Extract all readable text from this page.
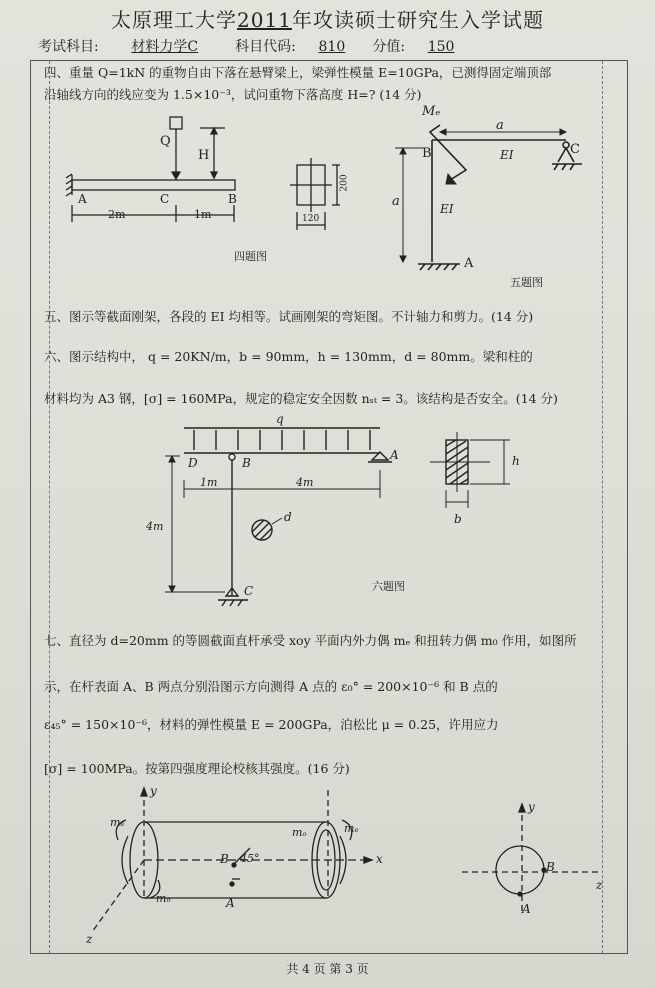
太原理工大学2011年攻读硕士研究生入学试题
考试科目: 材料力学C	科目代码: 810 分值: 150
四、重量 Q=1kN 的重物自由下落在悬臂梁上，梁弹性模量 E=10GPa，已测得固定端顶部
沿轴线方向的线应变为 1.5×10⁻³，试问重物下落高度 H=? (14 分)
Q
H
A	C	B
2m	1m
200
120
四题图
Mₑ
a
B	C
EI
EI
a
A
五题图
五、图示等截面刚架，各段的 EI 均相等。试画刚架的弯矩图。不计轴力和剪力。(14 分)
六、图示结构中， q = 20KN/m，b = 90mm，h = 130mm，d = 80mm。梁和柱的
材料均为 A3 钢，[σ] = 160MPa，规定的稳定安全因数 nₛₜ = 3。该结构是否安全。(14 分)
q
D	B
A
1m	4m
4m
d
C
h
b
六题图
七、直径为 d=20mm 的等圆截面直杆承受 xoy 平面内外力偶 mₑ 和扭转力偶 m₀ 作用，如图所
示，在杆表面 A、B 两点分别沿图示方向测得 A 点的 ε₀° = 200×10⁻⁶ 和 B 点的
ε₄₅° = 150×10⁻⁶，材料的弹性模量 E = 200GPa，泊松比 μ = 0.25，许用应力
[σ] = 100MPa。按第四强度理论校核其强度。(16 分)
y
mₑ
mₒ
mₒ	mₑ
B 45°
A
x
z
y
B
A
z
共 4 页 第 3 页
